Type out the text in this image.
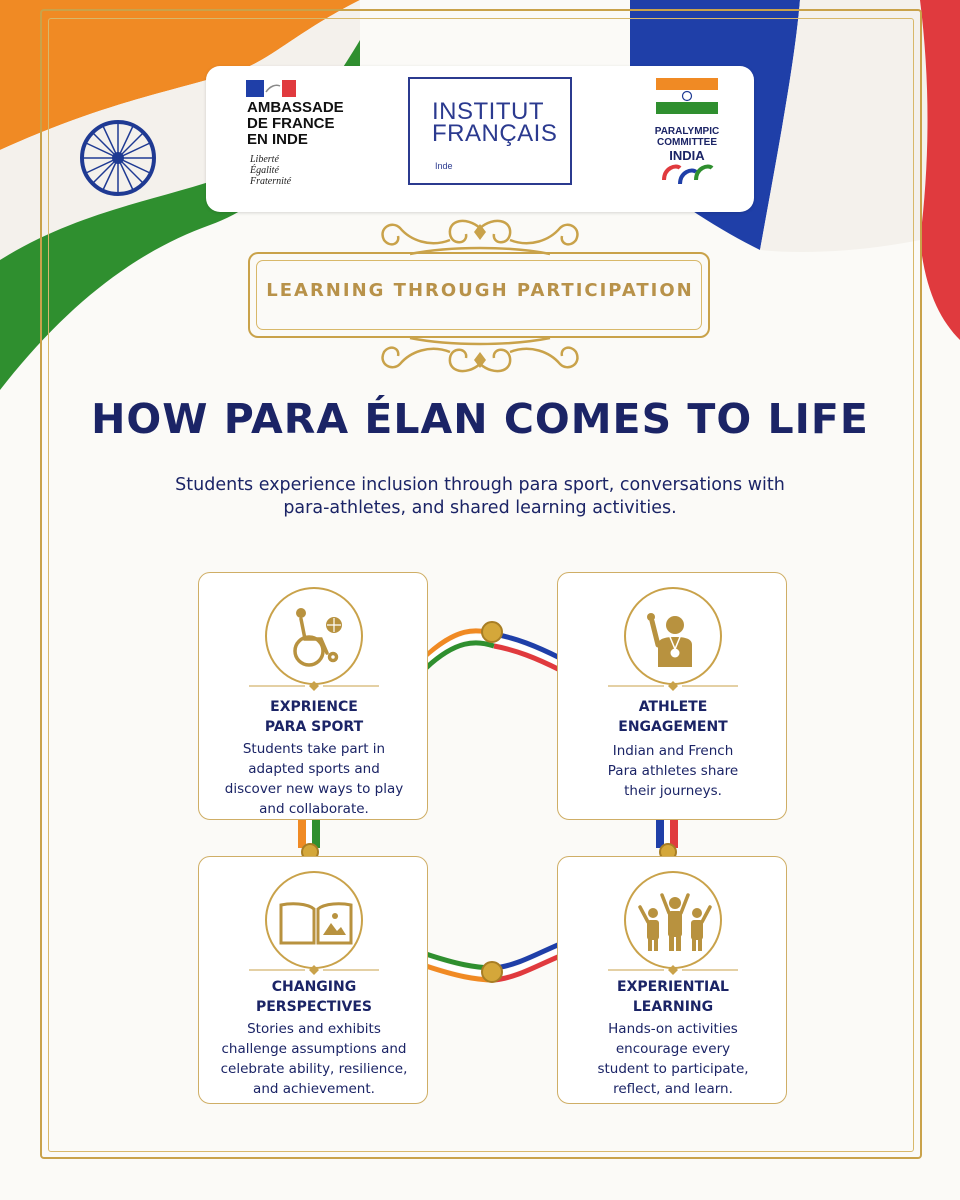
AMBASSADE
DE FRANCE
EN INDE
Liberté
Égalité
Fraternité
INSTITUT
FRANÇAIS
Inde
PARALYMPIC
COMMITTEE
INDIA
LEARNING THROUGH PARTICIPATION
HOW PARA ÉLAN COMES TO LIFE
Students experience inclusion through para sport, conversations with
para-athletes, and shared learning activities.
EXPRIENCE
PARA SPORT
Students take part in
adapted sports and
discover new ways to play
and collaborate.
ATHLETE
ENGAGEMENT
Indian and French
Para athletes share
their journeys.
CHANGING
PERSPECTIVES
Stories and exhibits
challenge assumptions and
celebrate ability, resilience,
and achievement.
EXPERIENTIAL
LEARNING
Hands-on activities
encourage every
student to participate,
reflect, and learn.
